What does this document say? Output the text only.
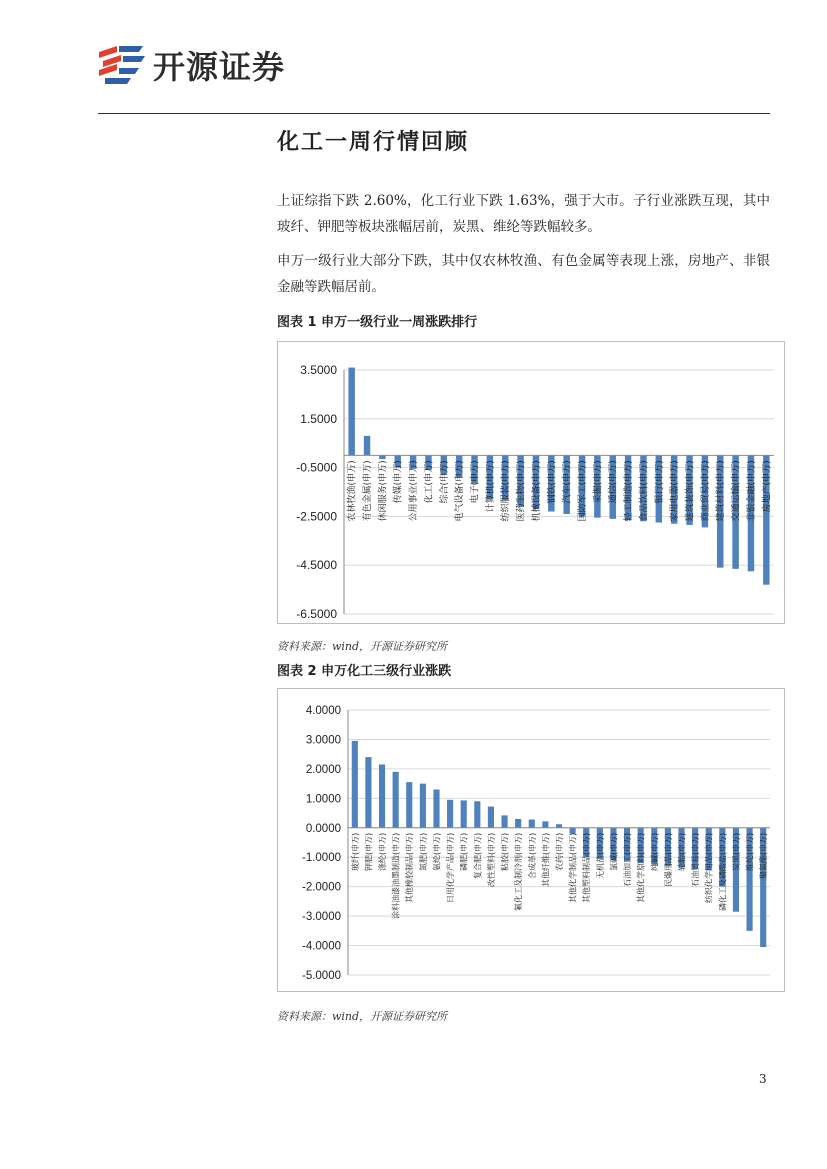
开源证券
化工一周行情回顾

上证综指下跌 2.60%，化工行业下跌 1.63%，强于大市。子行业涨跌互现，其中玻纤、钾肥等板块涨幅居前，炭黑、维纶等跌幅较多。

申万一级行业大部分下跌，其中仅农林牧渔、有色金属等表现上涨，房地产、非银金融等跌幅居前。

图表 1 申万一级行业一周涨跌排行

3.5000
1.5000
-0.5000
-2.5000
-4.5000
-6.5000
农林牧渔(申万) 有色金属(申万) 休闲服务(申万) 传媒(申万) 公用事业(申万) 化工(申万) 综合(申万) 电气设备(申万) 电子(申万) 计算机(申万) 纺织服装(申万) 医药生物(申万) 机械设备(申万) 钢铁(申万) 汽车(申万) 国防军工(申万) 采掘(申万) 通信(申万) 轻工制造(申万) 食品饮料(申万) 银行(申万) 家用电器(申万) 建筑装饰(申万) 商业贸易(申万) 建筑材料(申万) 交通运输(申万) 非银金融(申万) 房地产(申万)

资料来源：wind，开源证券研究所

图表 2 申万化工三级行业涨跌

4.0000
3.0000
2.0000
1.0000
0.0000
-1.0000
-2.0000
-3.0000
-4.0000
-5.0000
玻纤(申万) 钾肥(申万) 涤纶(申万) 涂料油漆油墨制造(申万) 其他橡胶制品(申万) 氮肥(申万) 氨纶(申万) 日用化学产品(申万) 磷肥(申万) 复合肥(申万) 改性塑料(申万) 粘胶(申万) 氟化工及制冷剂(申万) 合成革(申万) 其他纤维(申万) 农药(申万) 其他化学制品(申万) 其他塑料制品(申万) 无机盐(申万) 氯碱(申万) 石油加工(申万) 其他化学原料(申万) 纯碱(申万) 民爆用品(申万) 轮胎(申万) 石油贸易(申万) 纺织化学用品(申万) 磷化工及磷酸盐(申万) 炭黑(申万) 维纶(申万) 聚氨酯(申万)

资料来源：wind，开源证券研究所

3
